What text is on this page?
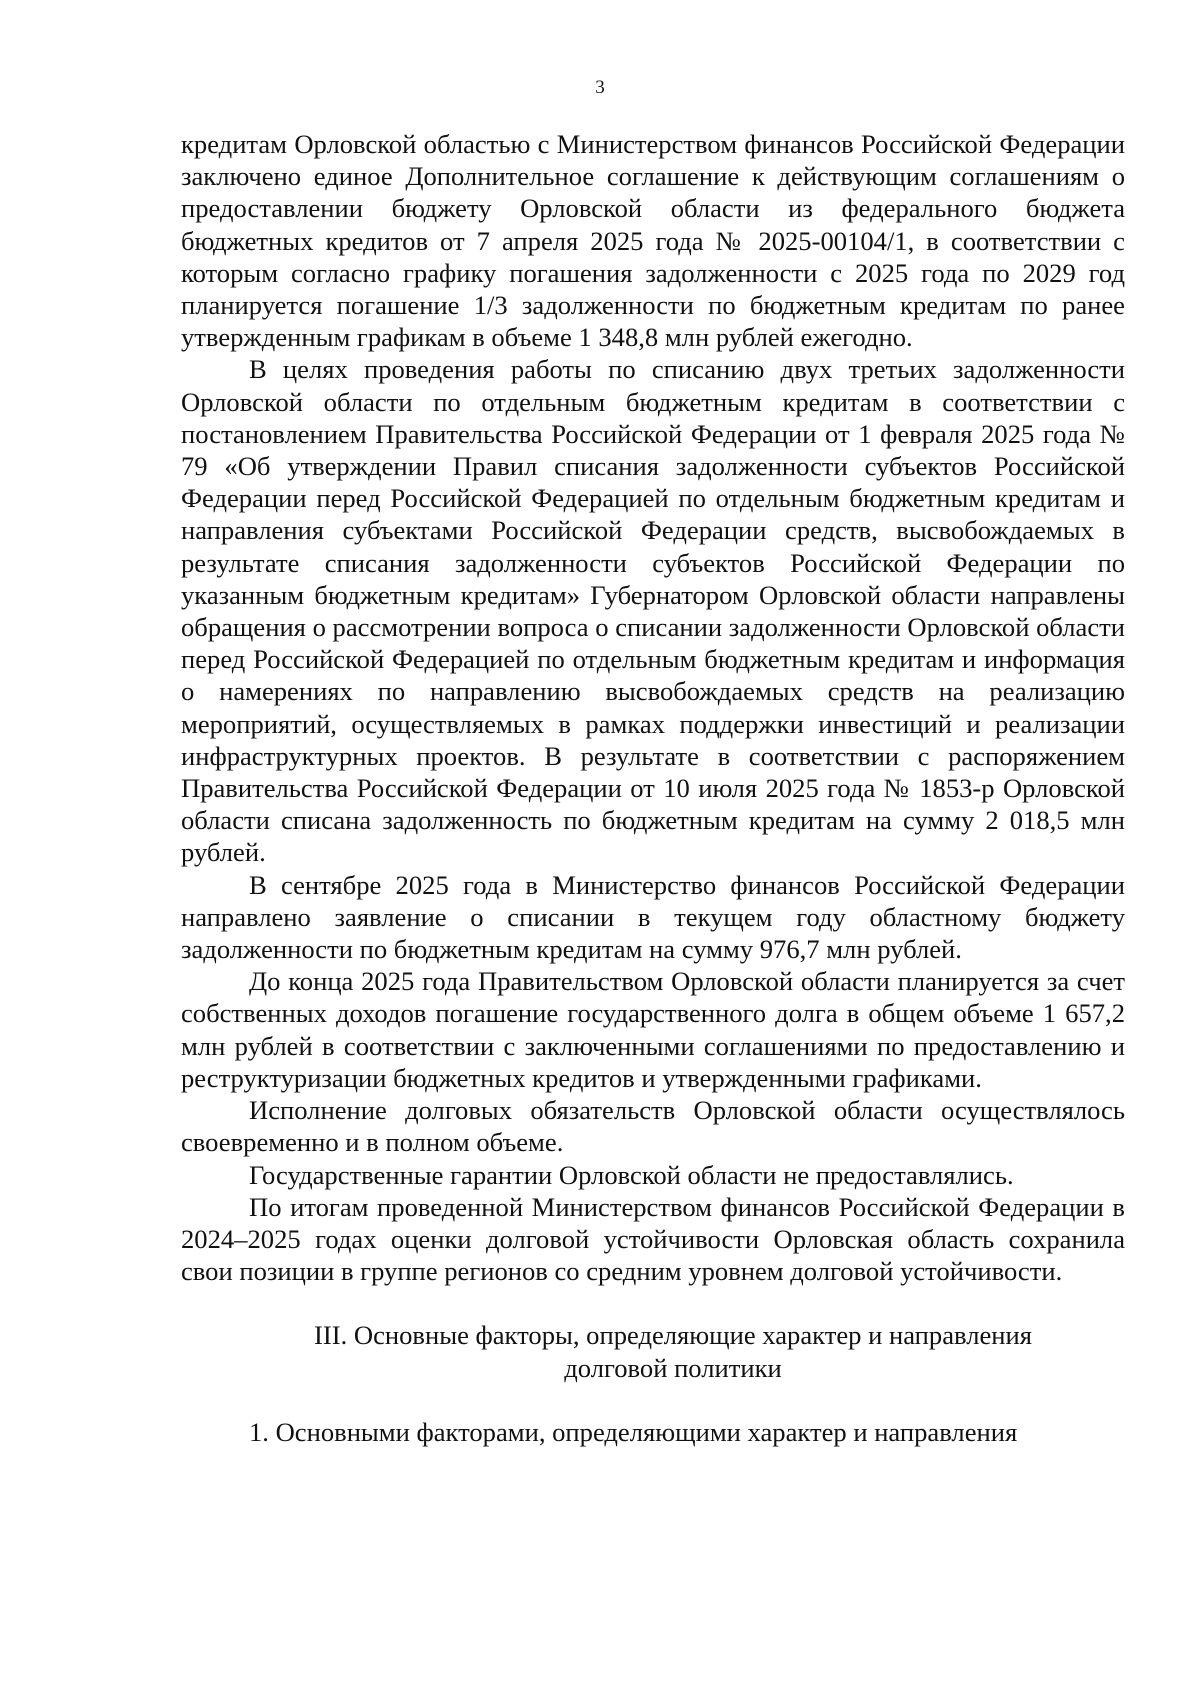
3

кредитам Орловской областью с Министерством финансов Российской Федерации заключено единое Дополнительное соглашение к действующим соглашениям о предоставлении бюджету Орловской области из федерального бюджета бюджетных кредитов от 7 апреля 2025 года № 2025-00104/1, в соответствии с которым согласно графику погашения задолженности с 2025 года по 2029 год планируется погашение 1/3 задолженности по бюджетным кредитам по ранее утвержденным графикам в объеме 1 348,8 млн рублей ежегодно.

В целях проведения работы по списанию двух третьих задолженности Орловской области по отдельным бюджетным кредитам в соответствии с постановлением Правительства Российской Федерации от 1 февраля 2025 года № 79 «Об утверждении Правил списания задолженности субъектов Российской Федерации перед Российской Федерацией по отдельным бюджетным кредитам и направления субъектами Российской Федерации средств, высвобождаемых в результате списания задолженности субъектов Российской Федерации по указанным бюджетным кредитам» Губернатором Орловской области направлены обращения о рассмотрении вопроса о списании задолженности Орловской области перед Российской Федерацией по отдельным бюджетным кредитам и информация о намерениях по направлению высвобождаемых средств на реализацию мероприятий, осуществляемых в рамках поддержки инвестиций и реализации инфраструктурных проектов. В результате в соответствии с распоряжением Правительства Российской Федерации от 10 июля 2025 года № 1853-р Орловской области списана задолженность по бюджетным кредитам на сумму 2 018,5 млн рублей.

В сентябре 2025 года в Министерство финансов Российской Федерации направлено заявление о списании в текущем году областному бюджету задолженности по бюджетным кредитам на сумму 976,7 млн рублей.

До конца 2025 года Правительством Орловской области планируется за счет собственных доходов погашение государственного долга в общем объеме 1 657,2 млн рублей в соответствии с заключенными соглашениями по предоставлению и реструктуризации бюджетных кредитов и утвержденными графиками.

Исполнение долговых обязательств Орловской области осуществлялось своевременно и в полном объеме.

Государственные гарантии Орловской области не предоставлялись.

По итогам проведенной Министерством финансов Российской Федерации в 2024–2025 годах оценки долговой устойчивости Орловская область сохранила свои позиции в группе регионов со средним уровнем долговой устойчивости.

III. Основные факторы, определяющие характер и направления
долговой политики

1. Основными факторами, определяющими характер и направления
